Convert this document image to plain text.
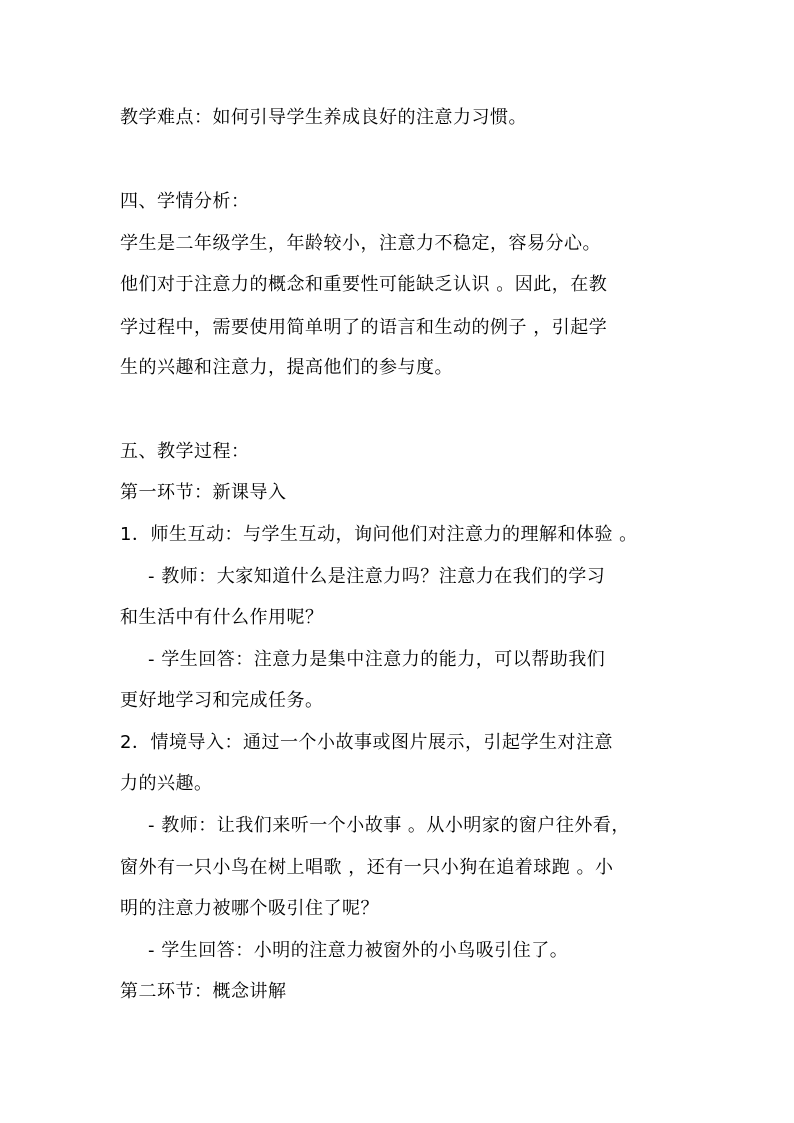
教学难点：如何引导学生养成良好的注意力习惯。
四、学情分析：
学生是二年级学生，年龄较小，注意力不稳定，容易分心。
他们对于注意力的概念和重要性可能缺乏认识 。因此，在教
学过程中，需要使用简单明了的语言和生动的例子 ，引起学
生的兴趣和注意力，提高他们的参与度。
五、教学过程：
第一环节：新课导入
1．师生互动：与学生互动，询问他们对注意力的理解和体验 。
- 教师：大家知道什么是注意力吗？注意力在我们的学习
和生活中有什么作用呢？
- 学生回答：注意力是集中注意力的能力，可以帮助我们
更好地学习和完成任务。
2．情境导入：通过一个小故事或图片展示，引起学生对注意
力的兴趣。
- 教师：让我们来听一个小故事 。从小明家的窗户往外看，
窗外有一只小鸟在树上唱歌 ，还有一只小狗在追着球跑 。小
明的注意力被哪个吸引住了呢？
- 学生回答：小明的注意力被窗外的小鸟吸引住了。
第二环节：概念讲解
